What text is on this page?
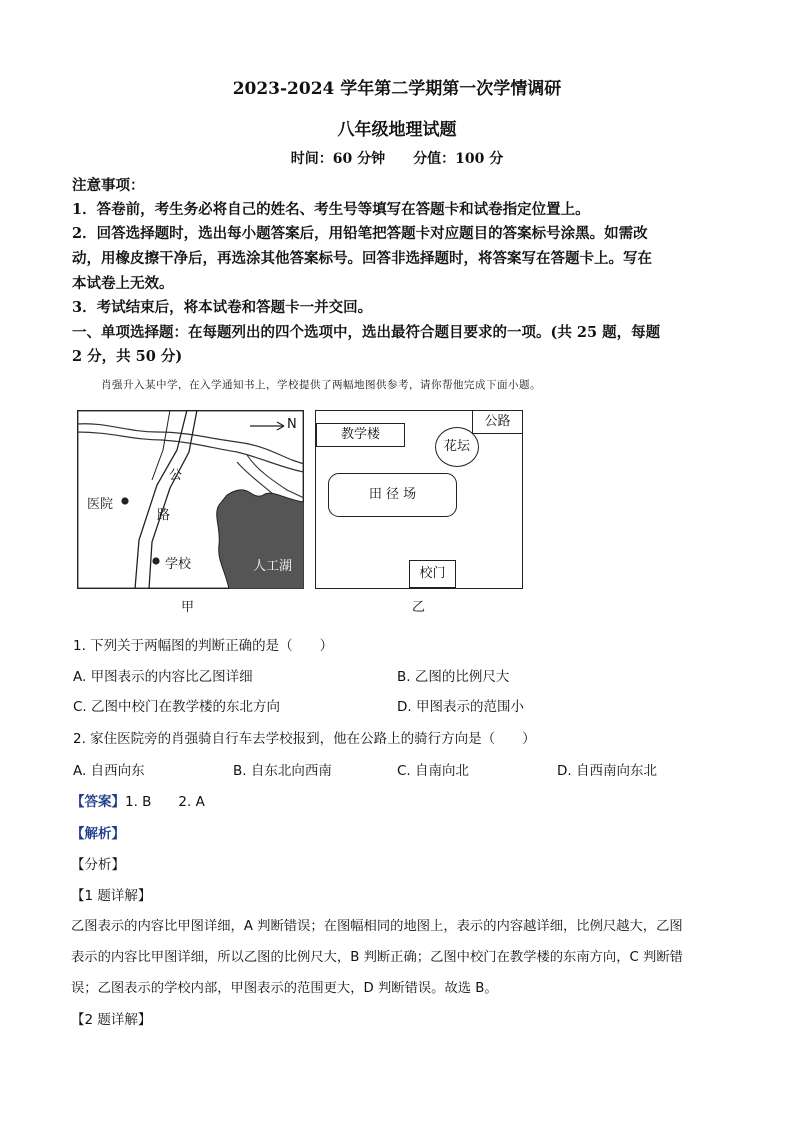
2023-2024 学年第二学期第一次学情调研
八年级地理试题
时间：60 分钟　　分值：100 分
注意事项：
1．答卷前，考生务必将自己的姓名、考生号等填写在答题卡和试卷指定位置上。
2．回答选择题时，选出每小题答案后，用铅笔把答题卡对应题目的答案标号涂黑。如需改
动，用橡皮擦干净后，再选涂其他答案标号。回答非选择题时，将答案写在答题卡上。写在
本试卷上无效。
3．考试结束后，将本试卷和答题卡一并交回。
一、单项选择题：在每题列出的四个选项中，选出最符合题目要求的一项。(共 25 题，每题
2 分，共 50 分)
肖强升入某中学，在入学通知书上，学校提供了两幅地图供参考，请你帮他完成下面小题。
N
公
路
医院
学校	人工湖
甲
教学楼
公路
花坛
田 径 场
校门
乙
1. 下列关于两幅图的判断正确的是（　　）
A. 甲图表示的内容比乙图详细	B. 乙图的比例尺大
C. 乙图中校门在教学楼的东北方向	D. 甲图表示的范围小
2. 家住医院旁的肖强骑自行车去学校报到，他在公路上的骑行方向是（　　）
A. 自西向东	B. 自东北向西南	C. 自南向北	D. 自西南向东北
【答案】1. B　　2. A
【解析】
【分析】
【1 题详解】
乙图表示的内容比甲图详细，A 判断错误；在图幅相同的地图上，表示的内容越详细，比例尺越大，乙图
表示的内容比甲图详细，所以乙图的比例尺大，B 判断正确；乙图中校门在教学楼的东南方向，C 判断错
误；乙图表示的学校内部，甲图表示的范围更大，D 判断错误。故选 B。
【2 题详解】
